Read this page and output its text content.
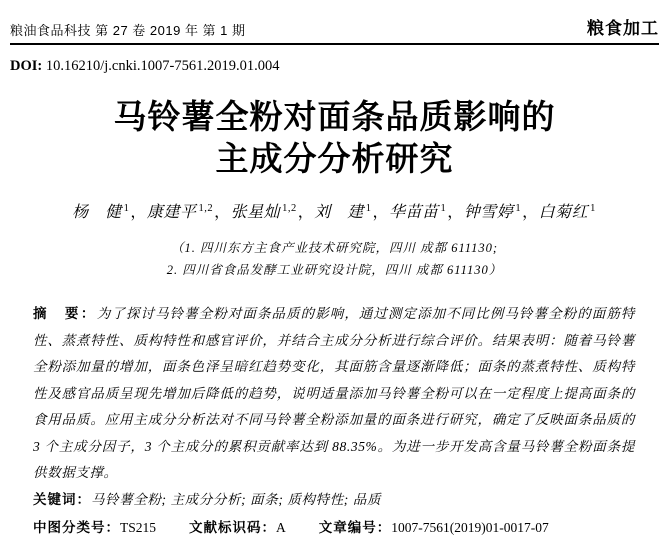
粮油食品科技 第 27 卷 2019 年 第 1 期	粮食加工
DOI: 10.16210/j.cnki.1007-7561.2019.01.004
马铃薯全粉对面条品质影响的
主成分分析研究
杨　健 $^1$，康建平 $^{1,2}$，张星灿 $^{1,2}$，刘　建 $^1$，华苗苗 $^1$，钟雪婷 $^1$，白菊红 $^1$
（1. 四川东方主食产业技术研究院，四川 成都 611130;
2. 四川省食品发酵工业研究设计院，四川 成都 611130）

摘　要：为了探讨马铃薯全粉对面条品质的影响，通过测定添加不同比例马铃薯全粉的面筋特性、蒸煮特性、质构特性和感官评价，并结合主成分分析进行综合评价。结果表明：随着马铃薯全粉添加量的增加，面条色泽呈暗红趋势变化，其面筋含量逐渐降低；面条的蒸煮特性、质构特性及感官品质呈现先增加后降低的趋势，说明适量添加马铃薯全粉可以在一定程度上提高面条的食用品质。应用主成分分析法对不同马铃薯全粉添加量的面条进行研究，确定了反映面条品质的 3 个主成分因子，3 个主成分的累积贡献率达到 88.35%。为进一步开发高含量马铃薯全粉面条提供数据支撑。

关键词：马铃薯全粉; 主成分分析; 面条; 质构特性; 品质

中图分类号：TS215 文献标识码：A 文章编号：1007-7561(2019)01-0017-07
